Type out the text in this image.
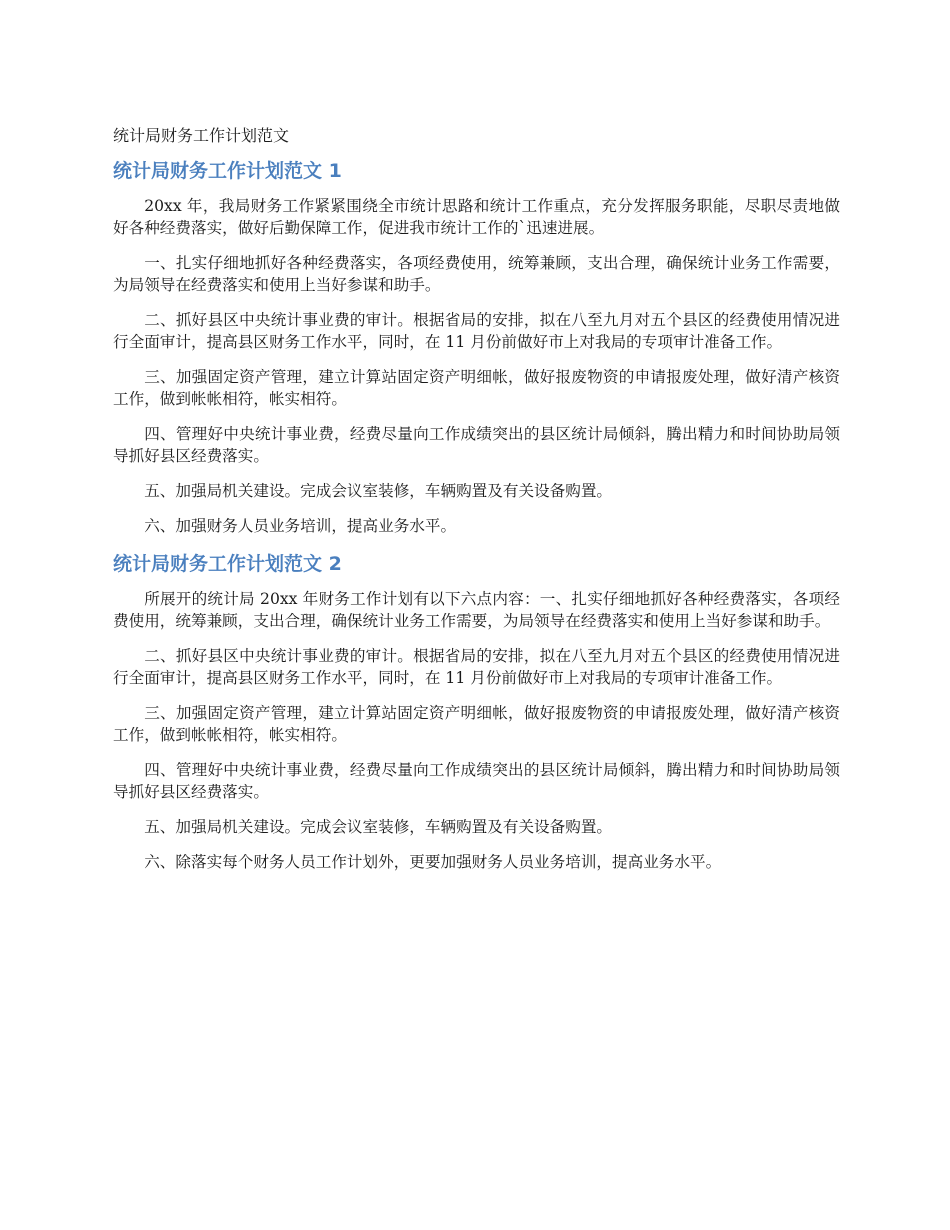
统计局财务工作计划范文
统计局财务工作计划范文 1

20xx 年，我局财务工作紧紧围绕全市统计思路和统计工作重点，充分发挥服务职能，尽职尽责地做好各种经费落实，做好后勤保障工作，促进我市统计工作的`迅速进展。

一、扎实仔细地抓好各种经费落实，各项经费使用，统筹兼顾，支出合理，确保统计业务工作需要，为局领导在经费落实和使用上当好参谋和助手。

二、抓好县区中央统计事业费的审计。根据省局的安排，拟在八至九月对五个县区的经费使用情况进行全面审计，提高县区财务工作水平，同时，在 11 月份前做好市上对我局的专项审计准备工作。

三、加强固定资产管理，建立计算站固定资产明细帐，做好报废物资的申请报废处理，做好清产核资工作，做到帐帐相符，帐实相符。

四、管理好中央统计事业费，经费尽量向工作成绩突出的县区统计局倾斜，腾出精力和时间协助局领导抓好县区经费落实。

五、加强局机关建设。完成会议室装修，车辆购置及有关设备购置。

六、加强财务人员业务培训，提高业务水平。

统计局财务工作计划范文 2

所展开的统计局 20xx 年财务工作计划有以下六点内容：一、扎实仔细地抓好各种经费落实，各项经费使用，统筹兼顾，支出合理，确保统计业务工作需要，为局领导在经费落实和使用上当好参谋和助手。

二、抓好县区中央统计事业费的审计。根据省局的安排，拟在八至九月对五个县区的经费使用情况进行全面审计，提高县区财务工作水平，同时，在 11 月份前做好市上对我局的专项审计准备工作。

三、加强固定资产管理，建立计算站固定资产明细帐，做好报废物资的申请报废处理，做好清产核资工作，做到帐帐相符，帐实相符。

四、管理好中央统计事业费，经费尽量向工作成绩突出的县区统计局倾斜，腾出精力和时间协助局领导抓好县区经费落实。

五、加强局机关建设。完成会议室装修，车辆购置及有关设备购置。

六、除落实每个财务人员工作计划外，更要加强财务人员业务培训，提高业务水平。
